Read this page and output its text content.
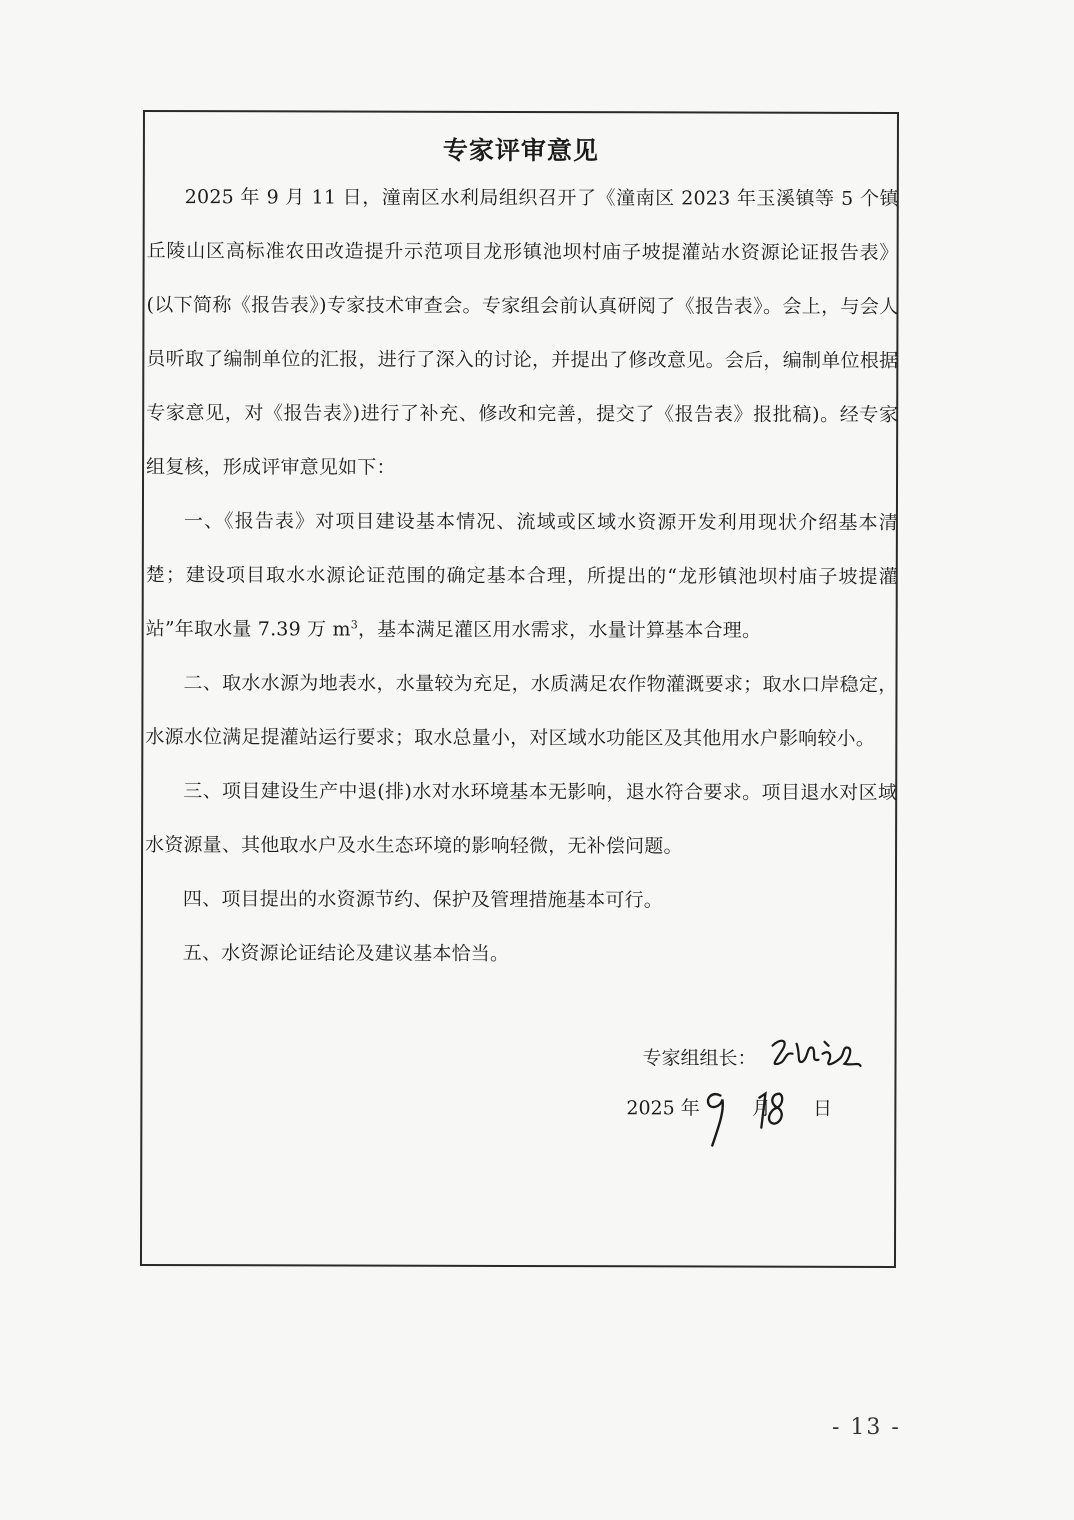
专家评审意见

2025 年 9 月 11 日，潼南区水利局组织召开了《潼南区 2023 年玉溪镇等 5 个镇丘陵山区高标准农田改造提升示范项目龙形镇池坝村庙子坡提灌站水资源论证报告表》(以下简称《报告表》)专家技术审查会。专家组会前认真研阅了《报告表》。会上，与会人员听取了编制单位的汇报，进行了深入的讨论，并提出了修改意见。会后，编制单位根据专家意见，对《报告表》)进行了补充、修改和完善，提交了《报告表》报批稿)。经专家组复核，形成评审意见如下：

一、《报告表》对项目建设基本情况、流域或区域水资源开发利用现状介绍基本清楚；建设项目取水水源论证范围的确定基本合理，所提出的“龙形镇池坝村庙子坡提灌站”年取水量 7.39 万 $m^3$，基本满足灌区用水需求，水量计算基本合理。

二、取水水源为地表水，水量较为充足，水质满足农作物灌溉要求；取水口岸稳定，水源水位满足提灌站运行要求；取水总量小，对区域水功能区及其他用水户影响较小。

三、项目建设生产中退(排)水对水环境基本无影响，退水符合要求。项目退水对区域水资源量、其他取水户及水生态环境的影响轻微，无补偿问题。

四、项目提出的水资源节约、保护及管理措施基本可行。

五、水资源论证结论及建议基本恰当。

专家组组长：
2025 年	月 日
- 13 -
